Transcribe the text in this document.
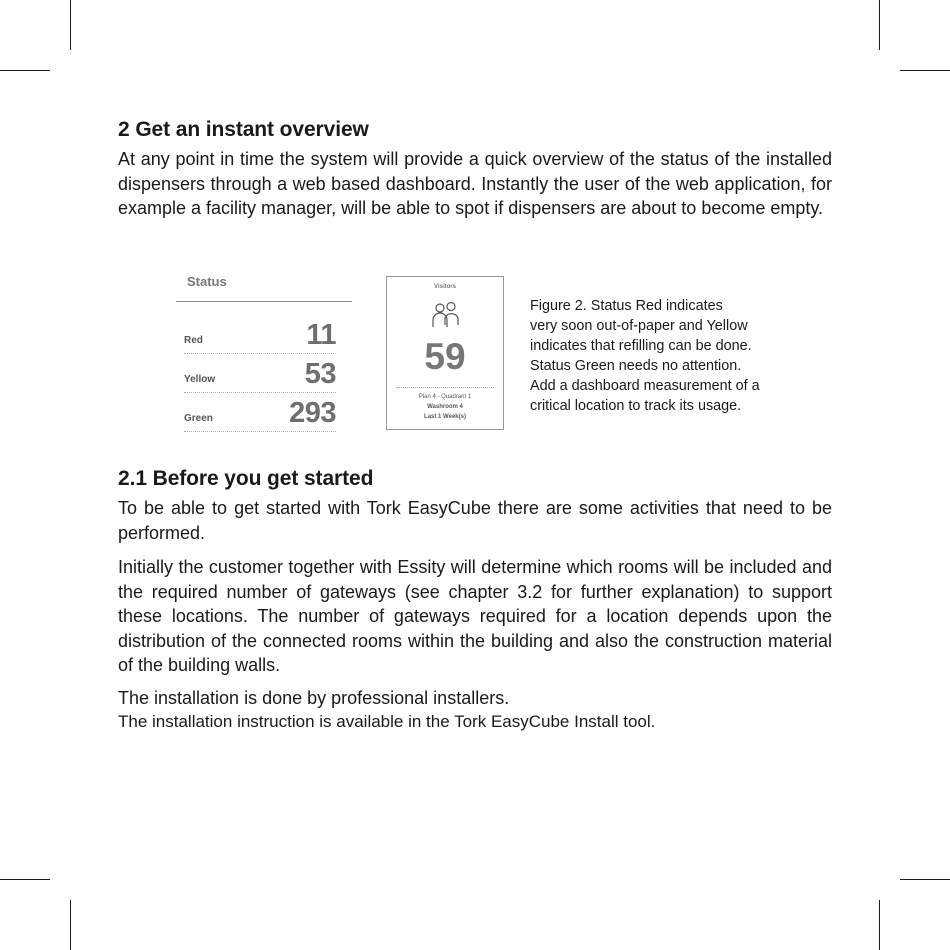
2 Get an instant overview

At any point in time the system will provide a quick overview of the status of the installed dispensers through a web based dashboard. Instantly the user of the web application, for example a facility manager, will be able to spot if dispensers are about to become empty.

Status
Red	11
Yellow	53
Green	293
Visitors
59
Plan 4 - Quadrant 1
Washroom 4
Last 1 Week(s)

Figure 2. Status Red indicates
very soon out-of-paper and Yellow
indicates that refilling can be done.
Status Green needs no attention.
Add a dashboard measurement of a
critical location to track its usage.

2.1 Before you get started

To be able to get started with Tork EasyCube there are some activities that need to be performed.

Initially the customer together with Essity will determine which rooms will be included and the required number of gateways (see chapter 3.2 for further explanation) to support these locations. The number of gateways required for a location depends upon the distribution of the connected rooms within the building and also the construction material of the building walls.

The installation is done by professional installers.

The installation instruction is available in the Tork EasyCube Install tool.
